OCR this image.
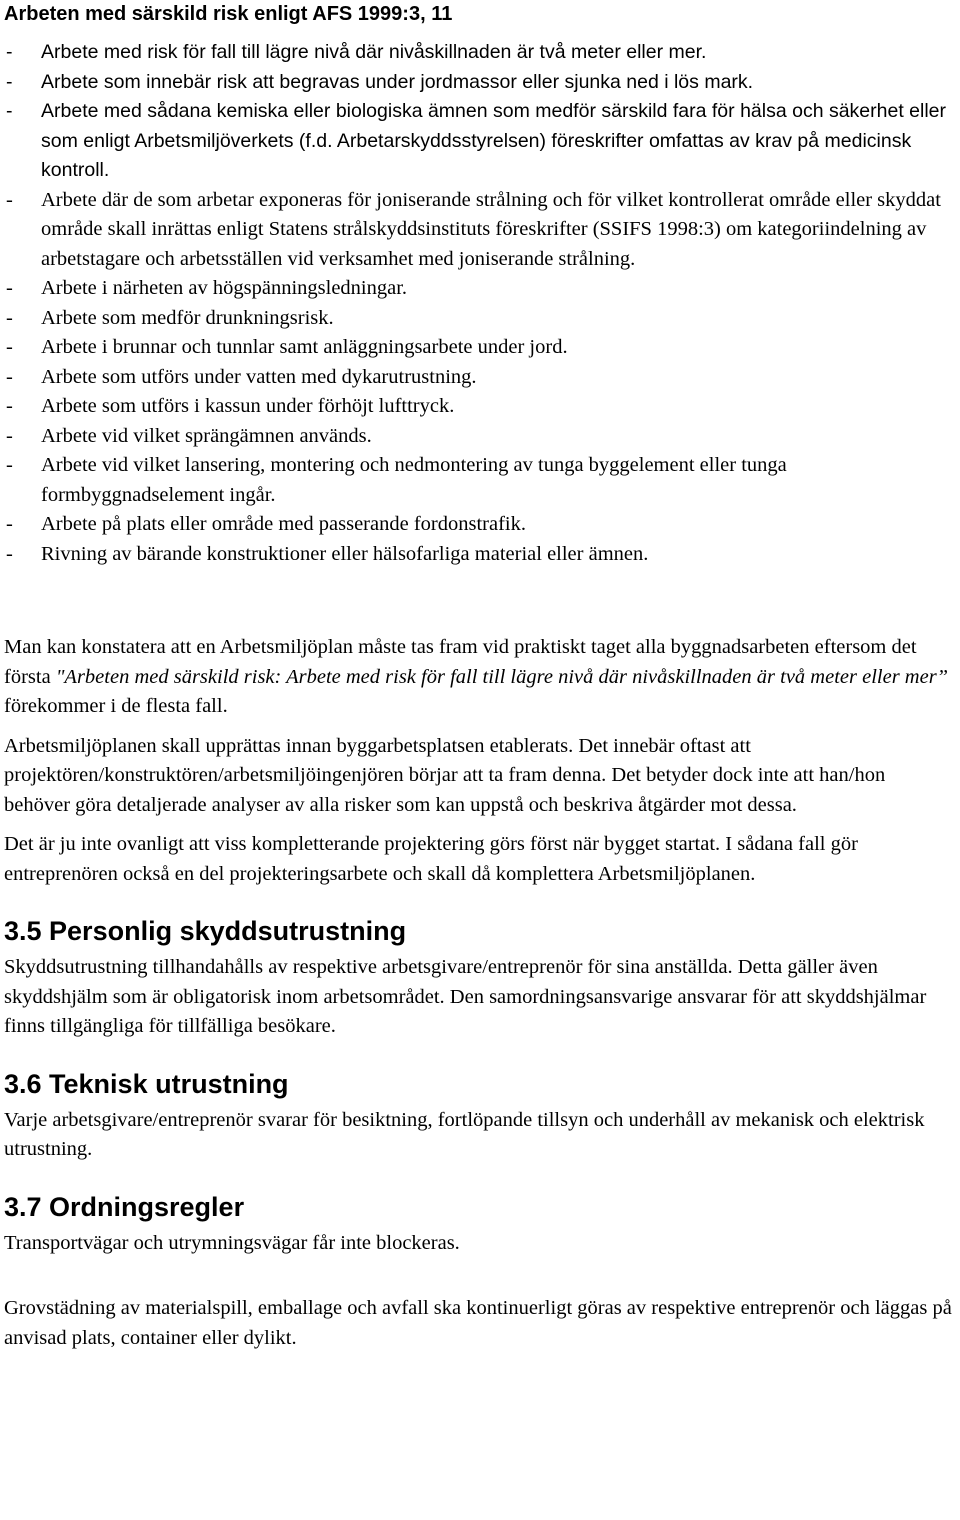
Arbeten med särskild risk enligt AFS 1999:3, 11
-	Arbete med risk för fall till lägre nivå där nivåskillnaden är två meter eller mer.
-	Arbete som innebär risk att begravas under jordmassor eller sjunka ned i lös mark.
-	Arbete med sådana kemiska eller biologiska ämnen som medför särskild fara för hälsa och säkerhet eller som enligt Arbetsmiljöverkets (f.d. Arbetarskyddsstyrelsen) föreskrifter omfattas av krav på medicinsk kontroll.
-	Arbete där de som arbetar exponeras för joniserande strålning och för vilket kontrollerat område eller skyddat område skall inrättas enligt Statens strålskyddsinstituts föreskrifter (SSIFS 1998:3) om kategoriindelning av arbetstagare och arbetsställen vid verksamhet med joniserande strålning.
-	Arbete i närheten av högspänningsledningar.
-	Arbete som medför drunkningsrisk.
-	Arbete i brunnar och tunnlar samt anläggningsarbete under jord.
-	Arbete som utförs under vatten med dykarutrustning.
-	Arbete som utförs i kassun under förhöjt lufttryck.
-	Arbete vid vilket sprängämnen används.
-	Arbete vid vilket lansering, montering och nedmontering av tunga byggelement eller tunga formbyggnadselement ingår.
-	Arbete på plats eller område med passerande fordonstrafik.
-	Rivning av bärande konstruktioner eller hälsofarliga material eller ämnen.

Man kan konstatera att en Arbetsmiljöplan måste tas fram vid praktiskt taget alla byggnadsarbeten eftersom det första "Arbeten med särskild risk: Arbete med risk för fall till lägre nivå där nivåskillnaden är två meter eller mer” förekommer i de flesta fall.

Arbetsmiljöplanen skall upprättas innan byggarbetsplatsen etablerats. Det innebär oftast att projektören/konstruktören/arbetsmiljöingenjören börjar att ta fram denna. Det betyder dock inte att han/hon behöver göra detaljerade analyser av alla risker som kan uppstå och beskriva åtgärder mot dessa.

Det är ju inte ovanligt att viss kompletterande projektering görs först när bygget startat. I sådana fall gör entreprenören också en del projekteringsarbete och skall då komplettera Arbetsmiljöplanen.

3.5 Personlig skyddsutrustning

Skyddsutrustning tillhandahålls av respektive arbetsgivare/entreprenör för sina anställda. Detta gäller även skyddshjälm som är obligatorisk inom arbetsområdet. Den samordningsansvarige ansvarar för att skyddshjälmar finns tillgängliga för tillfälliga besökare.

3.6 Teknisk utrustning

Varje arbetsgivare/entreprenör svarar för besiktning, fortlöpande tillsyn och underhåll av mekanisk och elektrisk utrustning.

3.7 Ordningsregler

Transportvägar och utrymningsvägar får inte blockeras.

Grovstädning av materialspill, emballage och avfall ska kontinuerligt göras av respektive entreprenör och läggas på anvisad plats, container eller dylikt.
